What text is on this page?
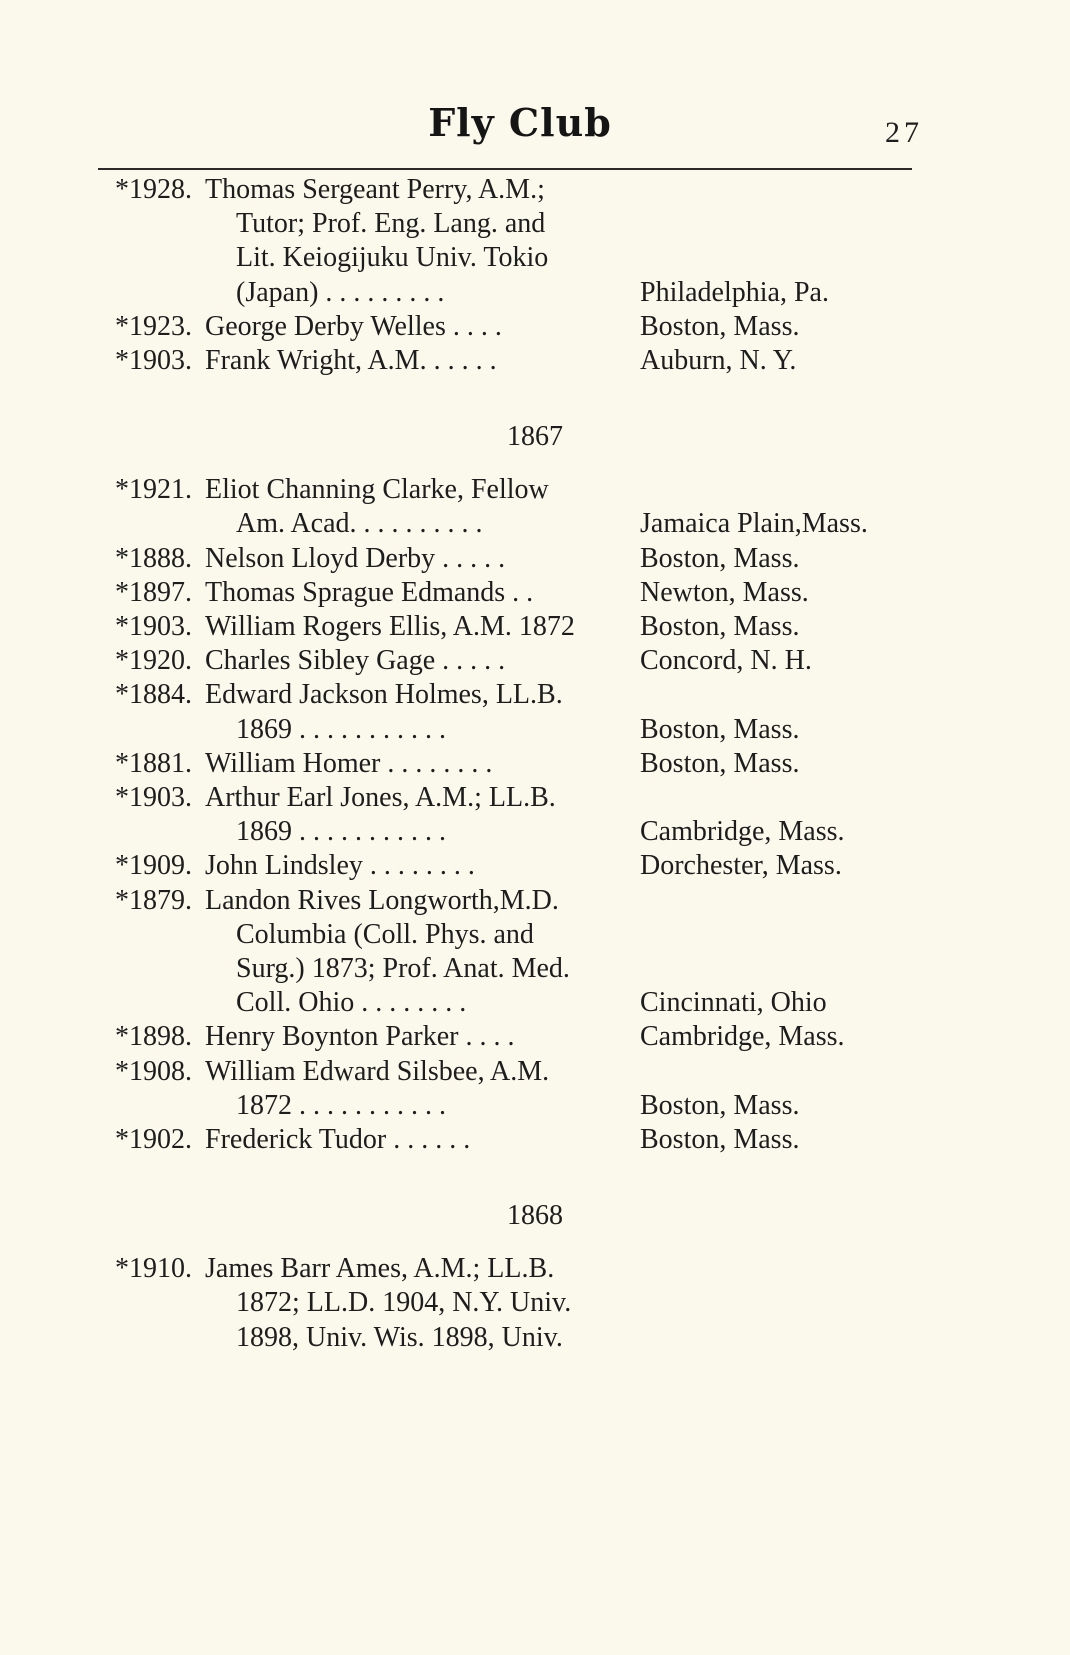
Fly Club	27
*1928. Thomas Sergeant Perry, A.M.;
Tutor; Prof. Eng. Lang. and
Lit. Keiogijuku Univ. Tokio
(Japan) . . . . . . . . .	Philadelphia, Pa.
*1923. George Derby Welles . . . .	Boston, Mass.
*1903. Frank Wright, A.M. . . . . .	Auburn, N. Y.
1867
*1921. Eliot Channing Clarke, Fellow
Am. Acad. . . . . . . . . .	Jamaica Plain,Mass.
*1888. Nelson Lloyd Derby . . . . .	Boston, Mass.
*1897. Thomas Sprague Edmands . .	Newton, Mass.
*1903. William Rogers Ellis, A.M. 1872	Boston, Mass.
*1920. Charles Sibley Gage . . . . .	Concord, N. H.
*1884. Edward Jackson Holmes, LL.B.
1869 . . . . . . . . . . .	Boston, Mass.
*1881. William Homer . . . . . . . .	Boston, Mass.
*1903. Arthur Earl Jones, A.M.; LL.B.
1869 . . . . . . . . . . .	Cambridge, Mass.
*1909. John Lindsley . . . . . . . .	Dorchester, Mass.
*1879. Landon Rives Longworth,M.D.
Columbia (Coll. Phys. and
Surg.) 1873; Prof. Anat. Med.
Coll. Ohio . . . . . . . .	Cincinnati, Ohio
*1898. Henry Boynton Parker . . . .	Cambridge, Mass.
*1908. William Edward Silsbee, A.M.
1872 . . . . . . . . . . .	Boston, Mass.
*1902. Frederick Tudor . . . . . .	Boston, Mass.
1868
*1910. James Barr Ames, A.M.; LL.B.
1872; LL.D. 1904, N.Y. Univ.
1898, Univ. Wis. 1898, Univ.
